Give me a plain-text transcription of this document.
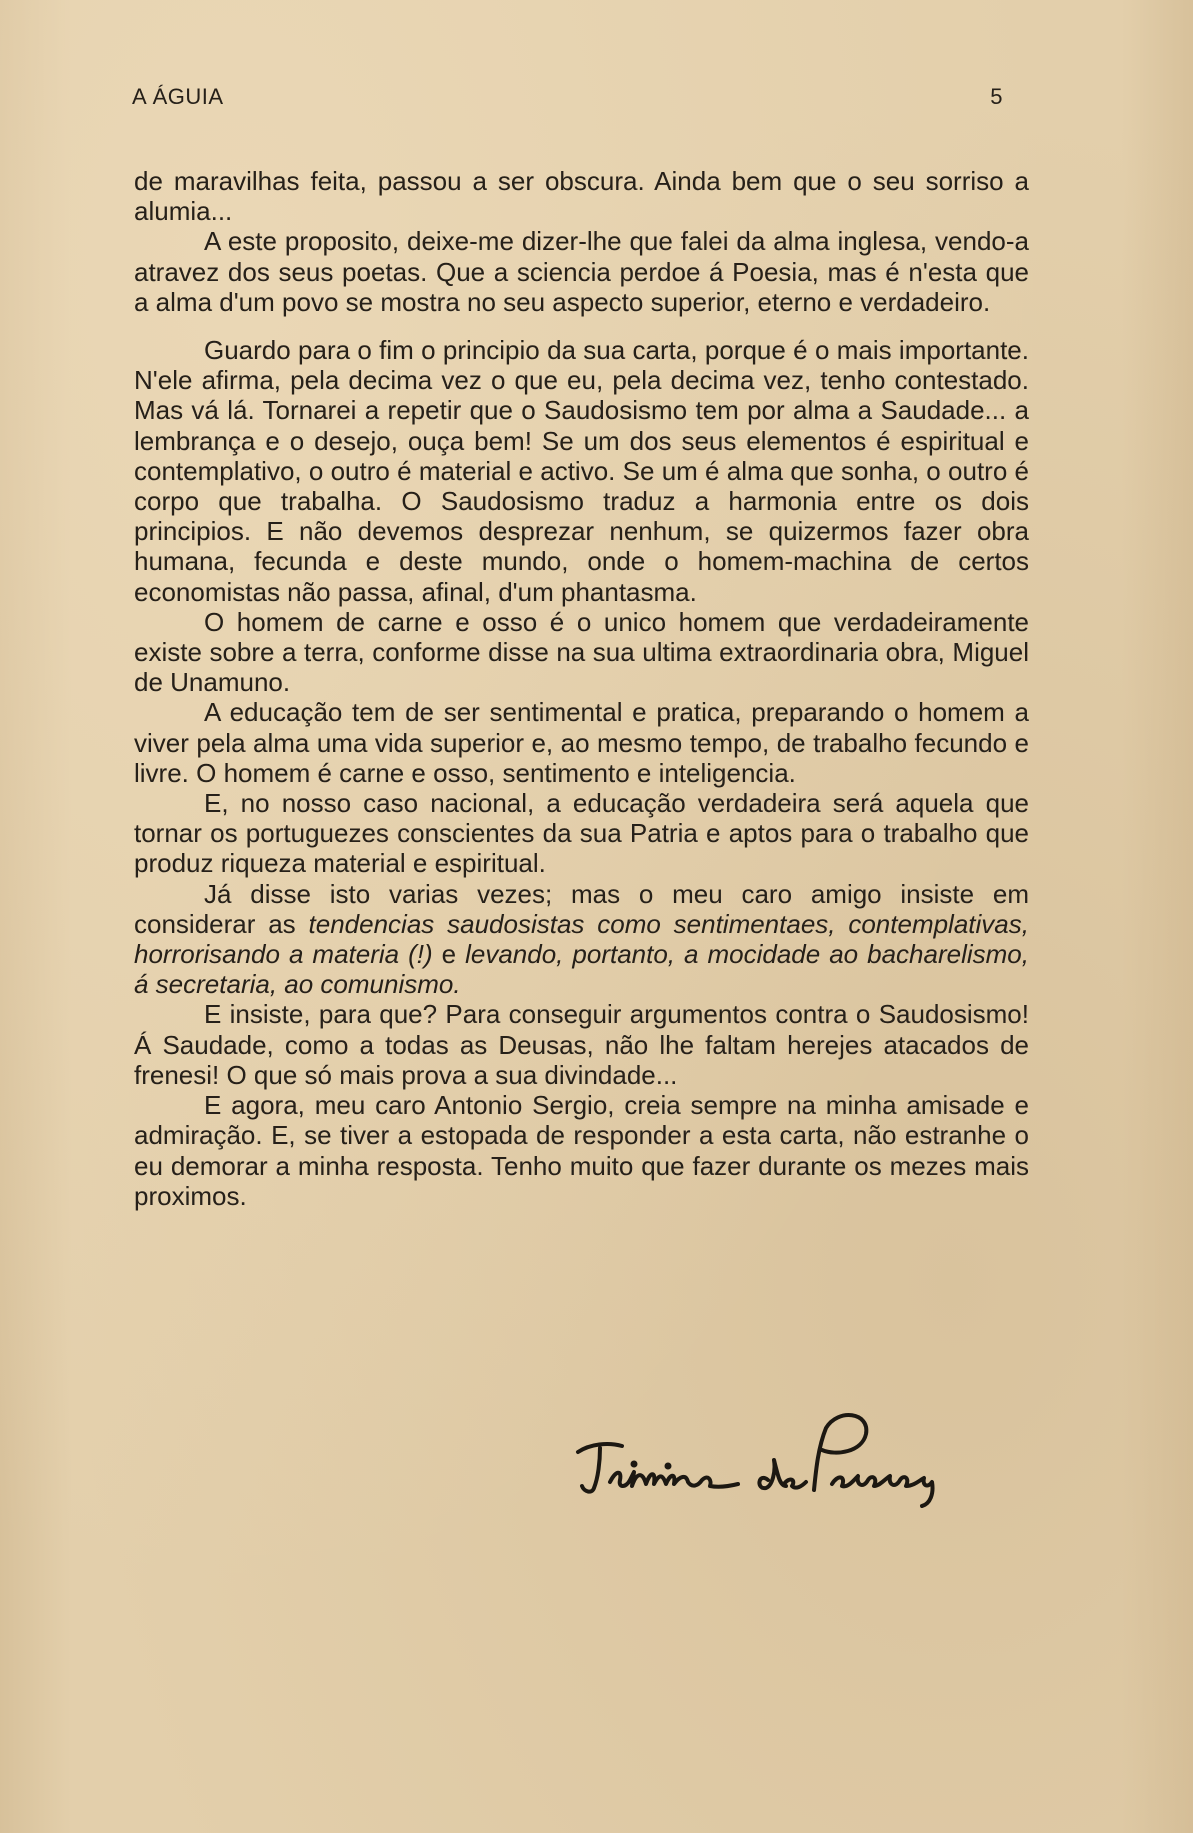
A ÁGUIA	5

de maravilhas feita, passou a ser obscura. Ainda bem que o seu sorriso a alumia...

A este proposito, deixe-me dizer-lhe que falei da alma inglesa, vendo-a atravez dos seus poetas. Que a sciencia perdoe á Poesia, mas é n'esta que a alma d'um povo se mostra no seu aspecto superior, eterno e verdadeiro.

Guardo para o fim o principio da sua carta, porque é o mais importante. N'ele afirma, pela decima vez o que eu, pela decima vez, tenho contestado. Mas vá lá. Tornarei a repetir que o Saudosismo tem por alma a Saudade... a lembrança e o desejo, ouça bem! Se um dos seus elementos é espiritual e contemplativo, o outro é material e activo. Se um é alma que sonha, o outro é corpo que trabalha. O Saudosismo traduz a harmonia entre os dois principios. E não devemos desprezar nenhum, se quizermos fazer obra humana, fecunda e deste mundo, onde o homem-machina de certos economistas não passa, afinal, d'um phantasma.

O homem de carne e osso é o unico homem que verdadeiramente existe sobre a terra, conforme disse na sua ultima extraordinaria obra, Miguel de Unamuno.

A educação tem de ser sentimental e pratica, preparando o homem a viver pela alma uma vida superior e, ao mesmo tempo, de trabalho fecundo e livre. O homem é carne e osso, sentimento e inteligencia.

E, no nosso caso nacional, a educação verdadeira será aquela que tornar os portuguezes conscientes da sua Patria e aptos para o trabalho que produz riqueza material e espiritual.

Já disse isto varias vezes; mas o meu caro amigo insiste em considerar as tendencias saudosistas como sentimentaes, contemplativas, horrorisando a materia (!) e levando, portanto, a mocidade ao bacharelismo, á secretaria, ao comunismo.

E insiste, para que? Para conseguir argumentos contra o Saudosismo! Á Saudade, como a todas as Deusas, não lhe faltam herejes atacados de frenesi! O que só mais prova a sua divindade...

E agora, meu caro Antonio Sergio, creia sempre na minha amisade e admiração. E, se tiver a estopada de responder a esta carta, não estranhe o eu demorar a minha resposta. Tenho muito que fazer durante os mezes mais proximos.
